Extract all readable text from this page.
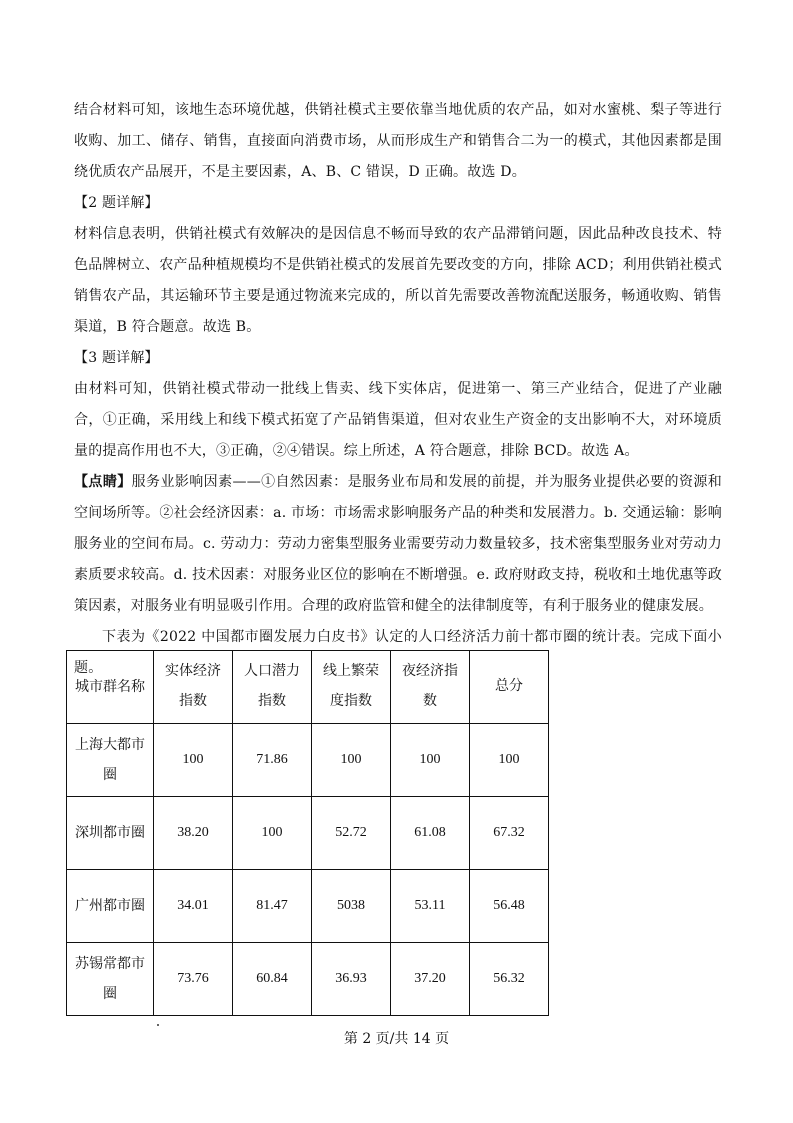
结合材料可知，该地生态环境优越，供销社模式主要依靠当地优质的农产品，如对水蜜桃、梨子等进行收购、加工、储存、销售，直接面向消费市场，从而形成生产和销售合二为一的模式，其他因素都是围绕优质农产品展开，不是主要因素，A、B、C 错误，D 正确。故选 D。

【2 题详解】

材料信息表明，供销社模式有效解决的是因信息不畅而导致的农产品滞销问题，因此品种改良技术、特色品牌树立、农产品种植规模均不是供销社模式的发展首先要改变的方向，排除 ACD；利用供销社模式销售农产品，其运输环节主要是通过物流来完成的，所以首先需要改善物流配送服务，畅通收购、销售渠道，B 符合题意。故选 B。

【3 题详解】

由材料可知，供销社模式带动一批线上售卖、线下实体店，促进第一、第三产业结合，促进了产业融合，①正确，采用线上和线下模式拓宽了产品销售渠道，但对农业生产资金的支出影响不大，对环境质量的提高作用也不大，③正确，②④错误。综上所述，A 符合题意，排除 BCD。故选 A。

【点睛】服务业影响因素——①自然因素：是服务业布局和发展的前提，并为服务业提供必要的资源和空间场所等。②社会经济因素：a. 市场：市场需求影响服务产品的种类和发展潜力。b. 交通运输：影响服务业的空间布局。c. 劳动力：劳动力密集型服务业需要劳动力数量较多，技术密集型服务业对劳动力素质要求较高。d. 技术因素：对服务业区位的影响在不断增强。e. 政府财政支持，税收和土地优惠等政策因素，对服务业有明显吸引作用。合理的政府监管和健全的法律制度等，有利于服务业的健康发展。

下表为《2022 中国都市圈发展力白皮书》认定的人口经济活力前十都市圈的统计表。完成下面小题。

城市群名称	实体经济指数	人口潜力指数	线上繁荣度指数	夜经济指数	总分
上海大都市圈	100	71.86	100	100	100
深圳都市圈	38.20	100	52.72	61.08	67.32
广州都市圈	34.01	81.47	5038	53.11	56.48
苏锡常都市圈	73.76	60.84	36.93	37.20	56.32
第 2 页/共 14 页
